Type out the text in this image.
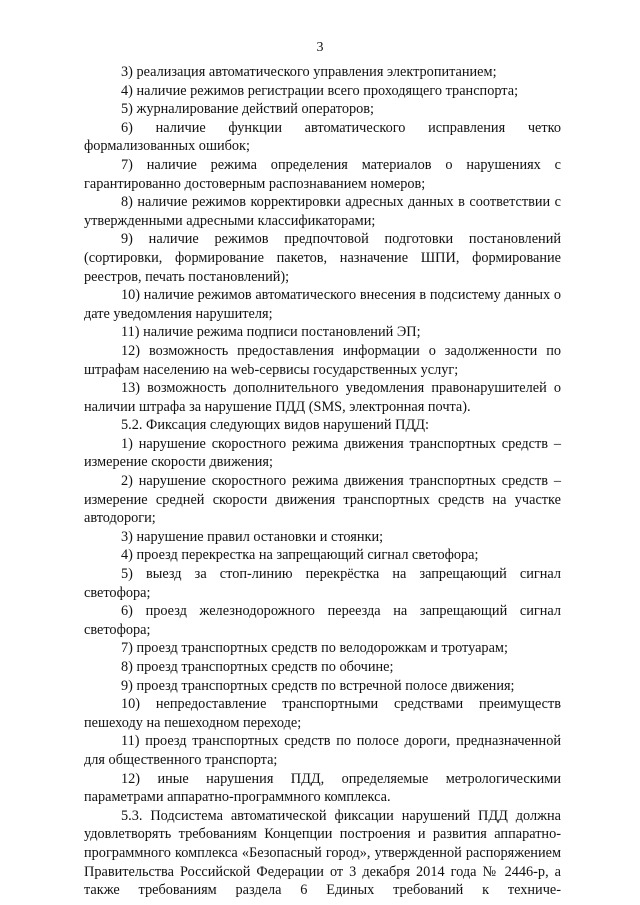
3

3) реализация автоматического управления электропитанием;

4) наличие режимов регистрации всего проходящего транспорта;

5) журналирование действий операторов;

6) наличие функции автоматического исправления четко формализованных ошибок;

7) наличие режима определения материалов о нарушениях с гарантированно достоверным распознаванием номеров;

8) наличие режимов корректировки адресных данных в соответствии с утвержденными адресными классификаторами;

9) наличие режимов предпочтовой подготовки постановлений (сортировки, формирование пакетов, назначение ШПИ, формирование реестров, печать постановлений);

10) наличие режимов автоматического внесения в подсистему данных о дате уведомления нарушителя;

11) наличие режима подписи постановлений ЭП;

12) возможность предоставления информации о задолженности по штрафам населению на web-сервисы государственных услуг;

13) возможность дополнительного уведомления правонарушителей о наличии штрафа за нарушение ПДД (SMS, электронная почта).

5.2. Фиксация следующих видов нарушений ПДД:

1) нарушение скоростного режима движения транспортных средств – измерение скорости движения;

2) нарушение скоростного режима движения транспортных средств – измерение средней скорости движения транспортных средств на участке автодороги;

3) нарушение правил остановки и стоянки;

4) проезд перекрестка на запрещающий сигнал светофора;

5) выезд за стоп-линию перекрёстка на запрещающий сигнал светофора;

6) проезд железнодорожного переезда на запрещающий сигнал светофора;

7) проезд транспортных средств по велодорожкам и тротуарам;

8) проезд транспортных средств по обочине;

9) проезд транспортных средств по встречной полосе движения;

10) непредоставление транспортными средствами преимуществ пешеходу на пешеходном переходе;

11) проезд транспортных средств по полосе дороги, предназначенной для общественного транспорта;

12) иные нарушения ПДД, определяемые метрологическими параметрами аппаратно-программного комплекса.

5.3. Подсистема автоматической фиксации нарушений ПДД должна удовлетворять требованиям Концепции построения и развития аппаратно-программного комплекса «Безопасный город», утвержденной распоряжением Правительства Российской Федерации от 3 декабря 2014 года № 2446-р, а также требованиям раздела 6 Единых требований к техниче-
